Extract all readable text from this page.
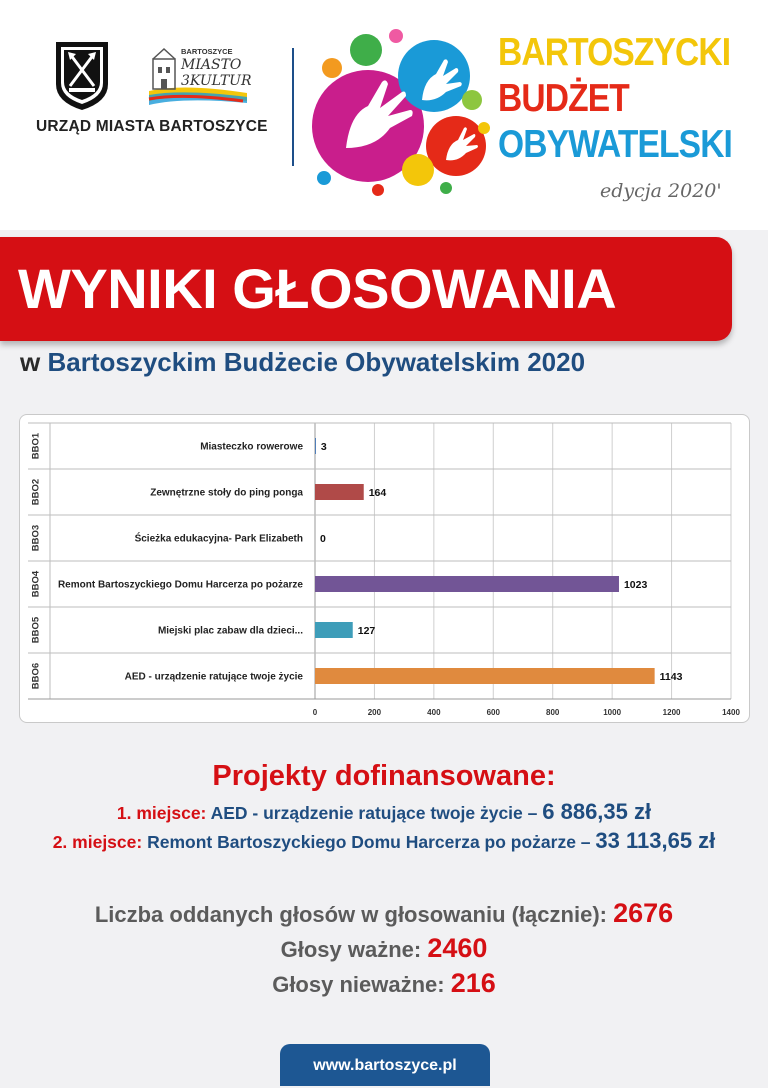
BARTOSZYCE
MIASTO
3KULTUR
URZĄD MIASTA BARTOSZYCE
BARTOSZYCKI
BUDŻET
OBYWATELSKI
edycja 2020'
WYNIKI GŁOSOWANIA
w Bartoszyckim Budżecie Obywatelskim 2020
BBO1	Miasteczko rowerowe 3
BBO2	Zewnętrzne stoły do ping ponga	164
BBO3	Ścieżka edukacyjna- Park Elizabeth 0
BBO4 Remont Bartoszyckiego Domu Harcerza po pożarze	1023
BBO5	Miejski plac zabaw dla dzieci...	127
BBO6	AED - urządzenie ratujące twoje życie	1143
0	200	400	600	800	1000	1200	1400
Projekty dofinansowane:
1. miejsce: AED - urządzenie ratujące twoje życie – 6 886,35 zł
2. miejsce: Remont Bartoszyckiego Domu Harcerza po pożarze – 33 113,65 zł
Liczba oddanych głosów w głosowaniu (łącznie): 2676
Głosy ważne: 2460
Głosy nieważne: 216
www.bartoszyce.pl
